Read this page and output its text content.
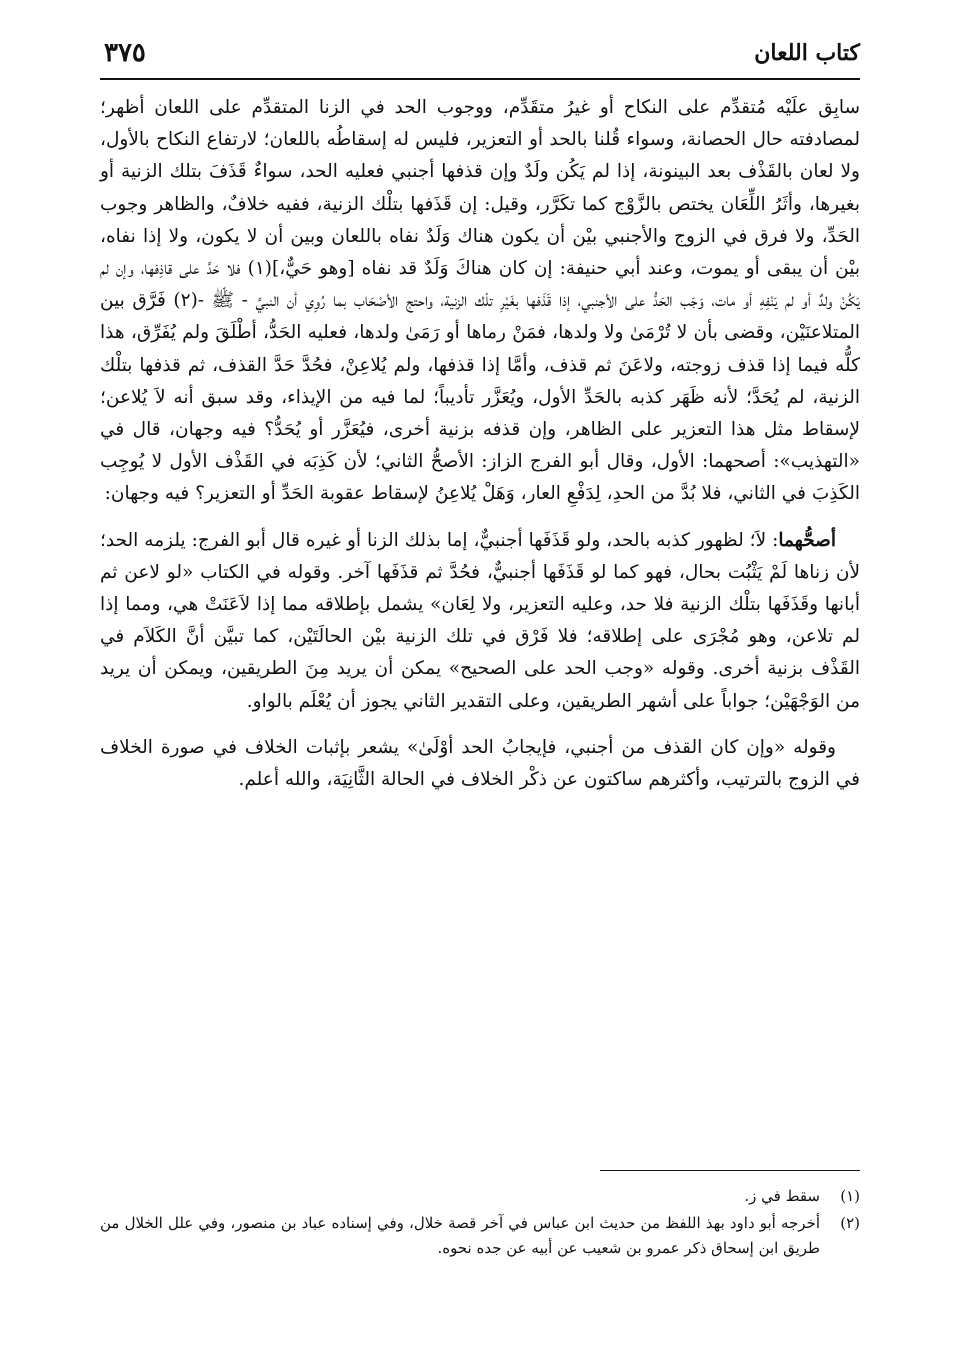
كتاب اللعان
٣٧٥

سابِق علَيْه مُتقدِّم على النكاح أو غيرُ متقَدِّم، ووجوب الحد في الزنا المتقدِّم على اللعان أظهر؛ لمصادفته حال الحصانة، وسواء قُلنا بالحد أو التعزير، فليس له إسقاطُه باللعان؛ لارتفاع النكاح بالأول، ولا لعان بالقَذْف بعد البينونة، إذا لم يَكُن ولَدٌ وإن قذفها أجنبي فعليه الحد، سواءٌ قَذَفَ بتلك الزنية أو بغيرها، وأثَرُ اللِّعَان يختص بالزَّوْج كما تكَرَّر، وقيل: إن قَذَفها بتلْك الزنية، ففيه خلافٌ، والظاهر وجوب الحَدِّ، ولا فرق في الزوج والأجنبي بيْن أن يكون هناك وَلَدٌ نفاه باللعان وبين أن لا يكون، ولا إذا نفاه، بيْن أن يبقى أو يموت، وعند أبي حنيفة: إن كان هناكَ وَلَدٌ قد نفاه [وهو حَيٌّ،](١) فلا حَدَّ على قاذِفها، وإن لم يَكُنْ ولدٌ أو لم يَنْفِهِ أو مات، وَجَب الحَدُّ على الأجنبي، إذا قَذَفها بغَيْرِ تلْك الزنية، واحتج الأصْحَاب بما رُوِي أن النبيَّ - ﷺ -(٢) فَرَّق بين المتلاعنَيْن، وقضى بأن لا تُرْمَىٰ ولا ولدها، فمَنْ رماها أو رَمَىٰ ولدها، فعليه الحَدُّ، أطْلَقَ ولم يُفَرِّق، هذا كلُّه فيما إذا قذف زوجته، ولاعَنَ ثم قذف، وأمَّا إذا قذفها، ولم يُلاعِنْ، فحُدَّ حَدَّ القذف، ثم قذفها بتلْك الزنية، لم يُحَدَّ؛ لأنه ظَهَر كذبه بالحَدِّ الأول، ويُعَزَّر تأديباً؛ لما فيه من الإيذاء، وقد سبق أنه لاَ يُلاعن؛ لإسقاط مثل هذا التعزير على الظاهر، وإن قذفه بزنية أخرى، فيُعَزَّر أو يُحَدُّ؟ فيه وجهان، قال في «التهذيب»: أصحهما: الأول، وقال أبو الفرج الزاز: الأصحُّ الثاني؛ لأن كَذِبَه في القَذْف الأول لا يُوجِب الكَذِبَ في الثاني، فلا بُدَّ من الحدِ، لِدَفْعِ العار، وَهَلْ يُلاعِنُ لإسقاط عقوبة الحَدِّ أو التعزير؟ فيه وجهان:

أصحُّهما: لاَ؛ لظهور كذبه بالحد، ولو قَذَفَها أجنبيٌّ، إما بذلك الزنا أو غيره قال أبو الفرج: يلزمه الحد؛ لأن زناها لَمْ يَثْبُت بحال، فهو كما لو قَذَفَها أجنبيٌّ، فحُدَّ ثم قذَفَها آخر. وقوله في الكتاب «لو لاعن ثم أبانها وقَذَفَها بتلْك الزنية فلا حد، وعليه التعزير، ولا لِعَان» يشمل بإطلاقه مما إذا لاَعَنَتْ هي، ومما إذا لم تلاعن، وهو مُجْرَى على إطلاقه؛ فلا فَرْق في تلك الزنية بيْن الحالَتَيْن، كما تبيَّن أنَّ الكَلاَم في القَذْف بزنية أخرى. وقوله «وجب الحد على الصحيح» يمكن أن يريد مِنَ الطريقين، ويمكن أن يريد من الوَجْهَيْن؛ جواباً على أشهر الطريقين، وعلى التقدير الثاني يجوز أن يُعْلَم بالواو.

وقوله «وإن كان القذف من أجنبي، فإيجابُ الحد أوْلَىٰ» يشعر بإثبات الخلاف في صورة الخلاف في الزوج بالترتيب، وأكثرهم ساكتون عن ذكْر الخلاف في الحالة الثَّانِيَة، والله أعلم.

(١)
سقط في ز.
(٢)
أخرجه أبو داود بهذ اللفظ من حديث ابن عباس في آخر قصة خلال، وفي إسناده عباد بن منصور، وفي علل الخلال من طريق ابن إسحاق ذكر عمرو بن شعيب عن أبيه عن جده نحوه.
